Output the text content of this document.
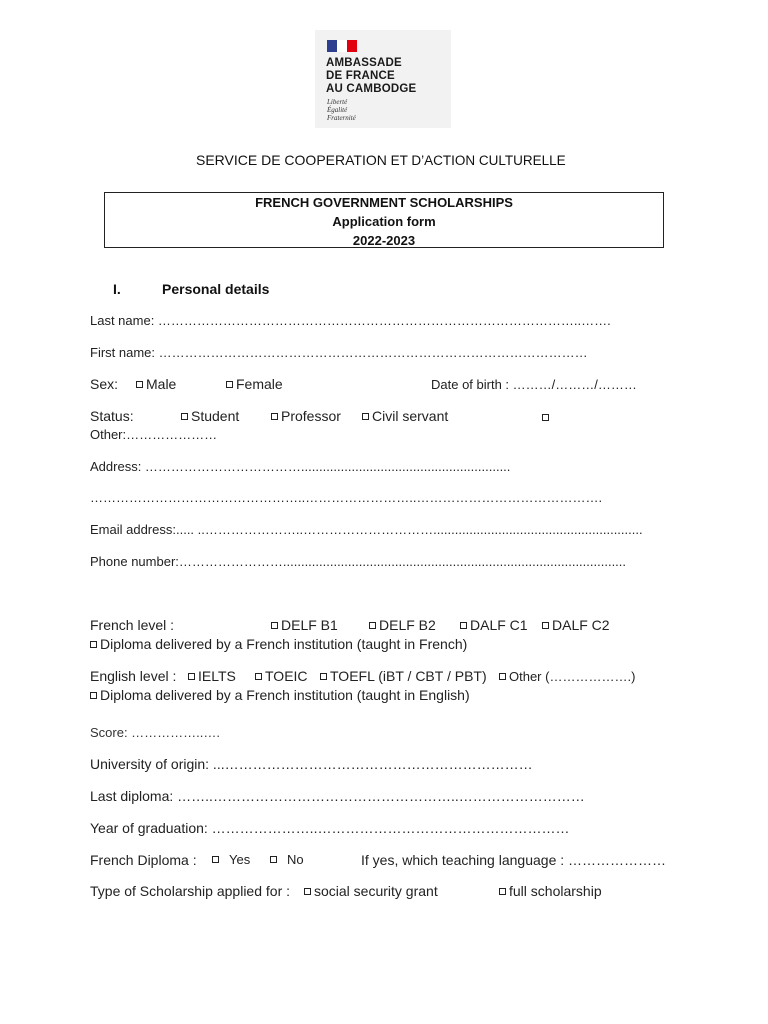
AMBASSADE
DE FRANCE
AU CAMBODGE
Liberté
Égalité
Fraternité
SERVICE DE COOPERATION ET D’ACTION CULTURELLE
FRENCH GOVERNMENT SCHOLARSHIPS
Application form
2022-2023
I.	Personal details
Last name: ……………………………………………………………………………………..…….
First name: ………………………………………………………………………………………
Sex:	Male	Female	Date of birth : ………/………/………
Status:	Student	Professor	Civil servant
Other:…………………
Address: ………………………………..........................................................
…………………………………………..……………………..…………………………………….
Email address:..... ..…………………..…………………………..........................................................
Phone number:……………………...............................................................................................
French level :	DELF B1	DELF B2	DALF C1	DALF C2
Diploma delivered by a French institution (taught in French)
English level :	IELTS	TOEIC	TOEFL (iBT / CBT / PBT)	Other (……………….)
Diploma delivered by a French institution (taught in English)
Score: ……………..….
University of origin: ...…………………………………………………………
Last diploma: ……..……………………………………………..………………………
Year of graduation: …………………..………………………………………………
French Diploma :	Yes	No	If yes, which teaching language : …………………
Type of Scholarship applied for :	social security grant	full scholarship
